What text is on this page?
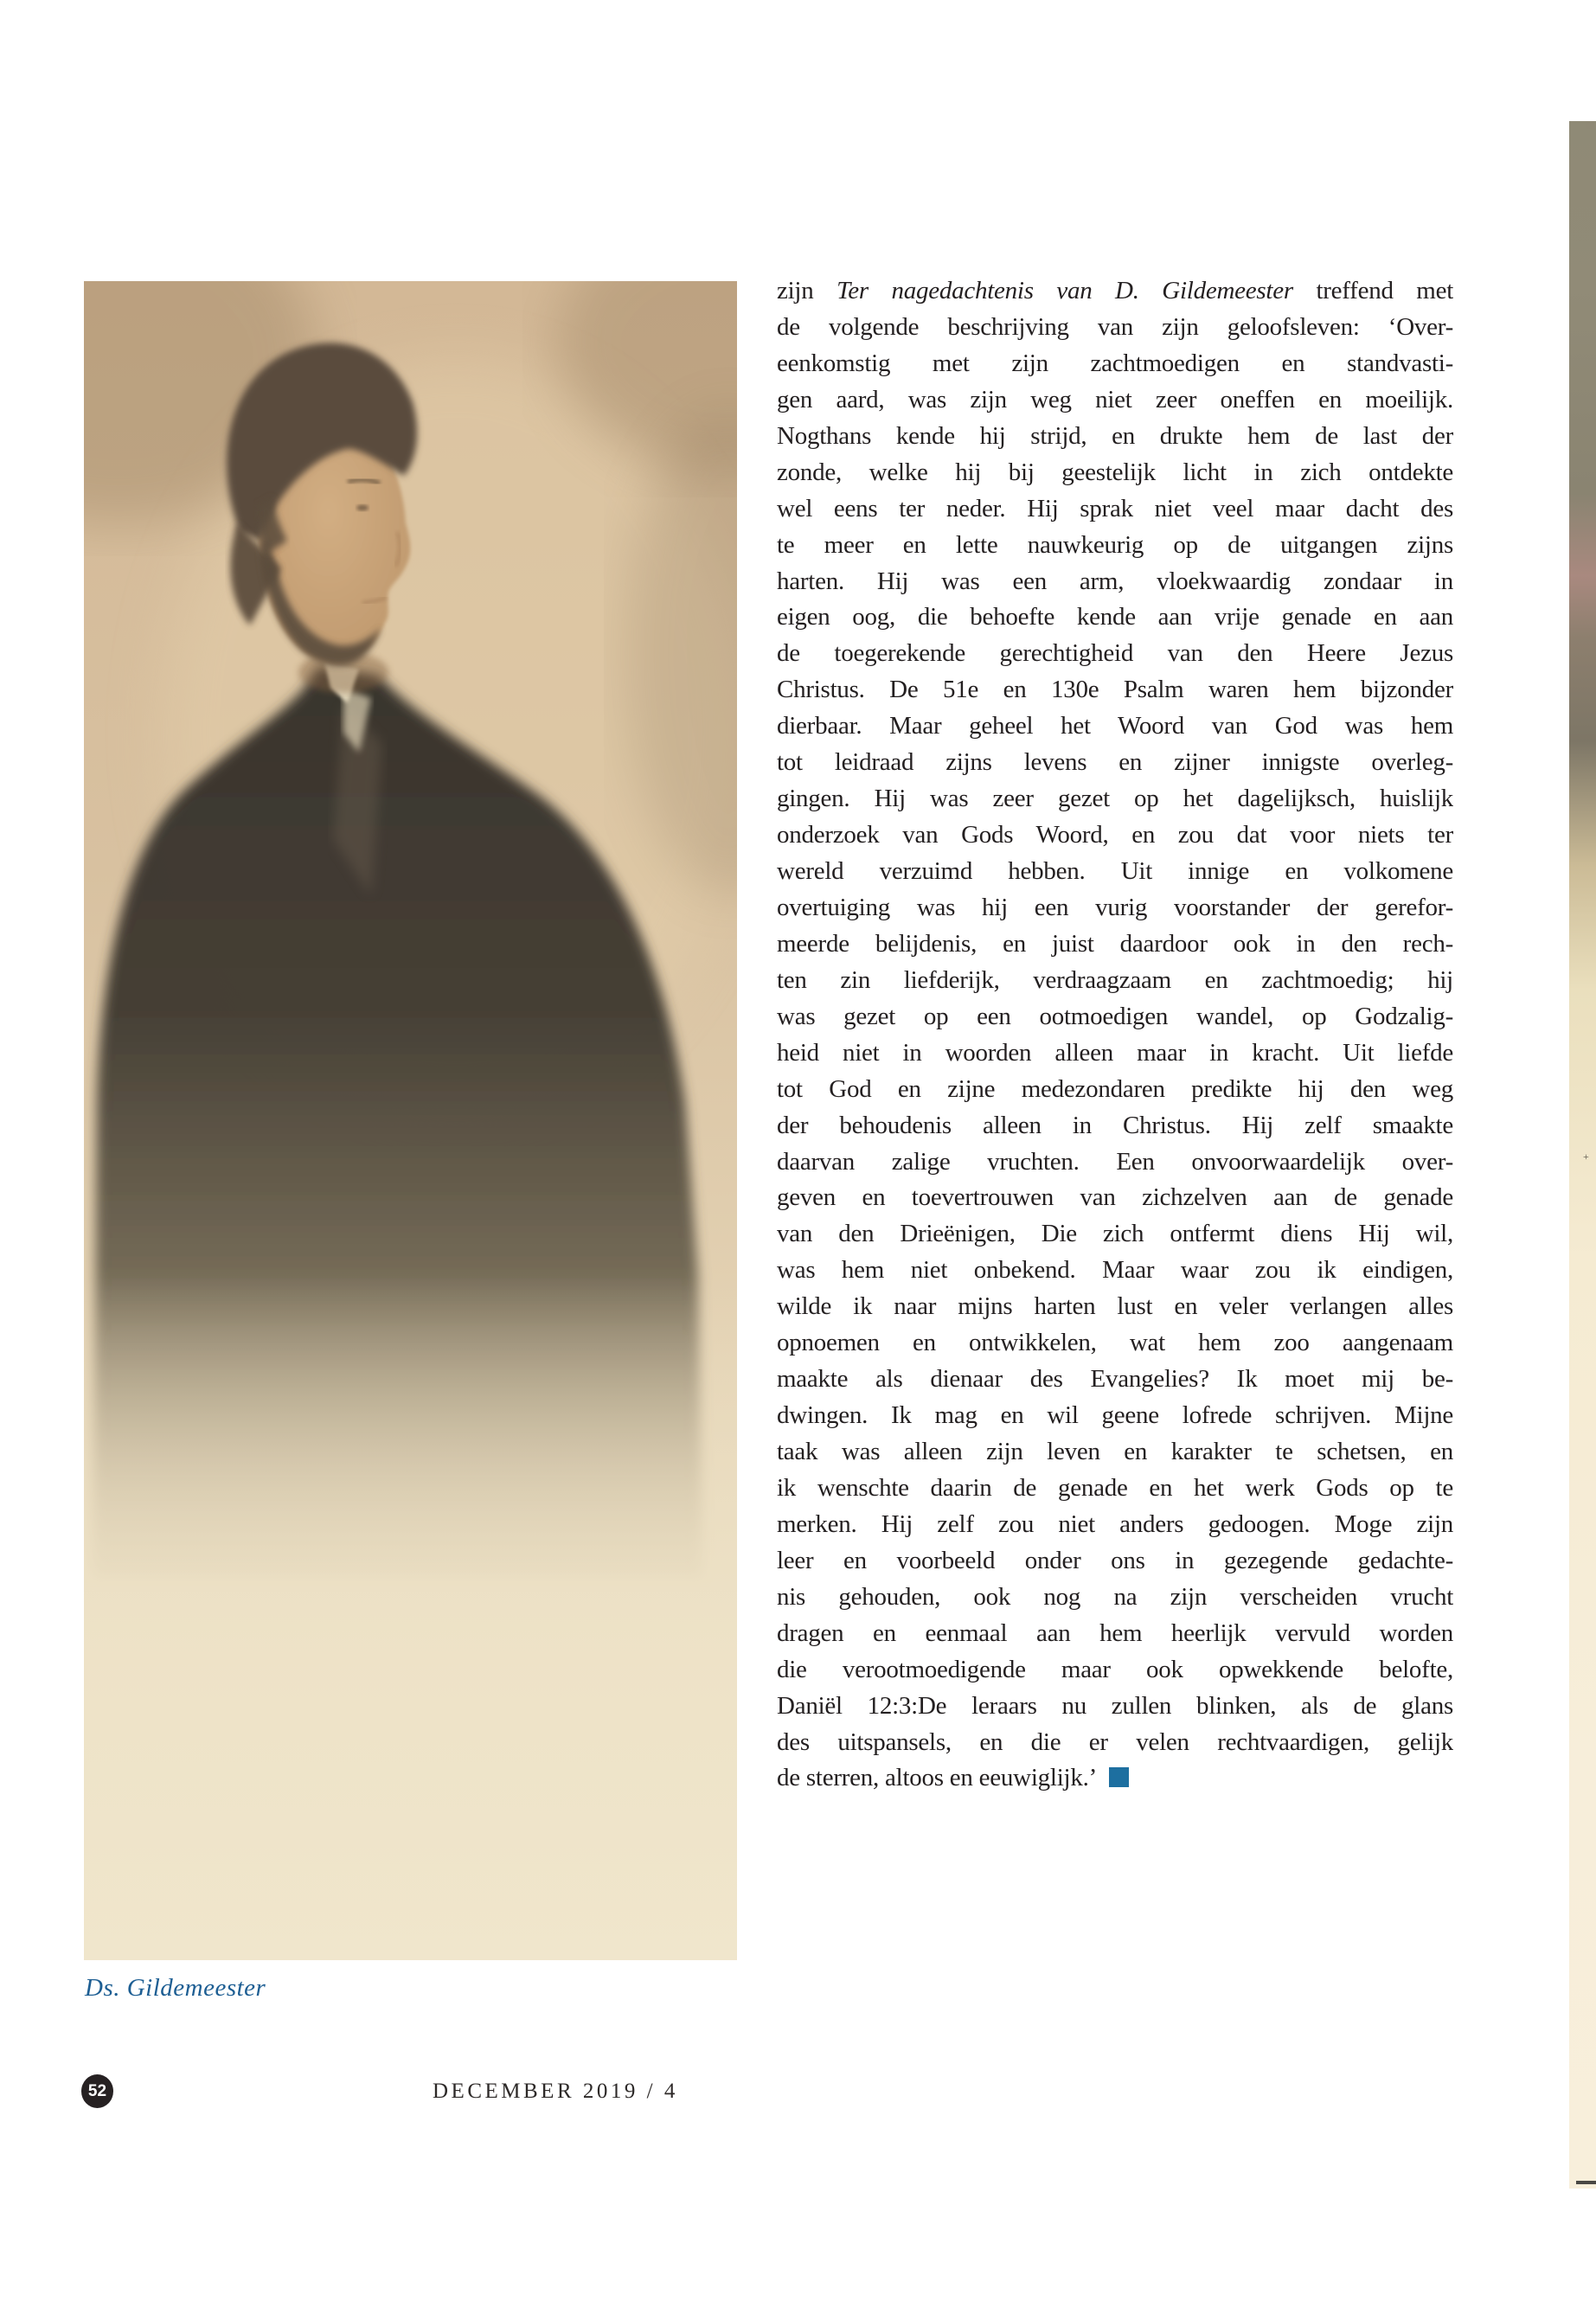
zijn Ter nagedachtenis van D. Gildemeester treffend met
de volgende beschrijving van zijn geloofsleven: ‘Over-
eenkomstig met zijn zachtmoedigen en standvasti-
gen aard, was zijn weg niet zeer oneffen en moeilijk.
Nogthans kende hij strijd, en drukte hem de last der
zonde, welke hij bij geestelijk licht in zich ontdekte
wel eens ter neder. Hij sprak niet veel maar dacht des
te meer en lette nauwkeurig op de uitgangen zijns
harten. Hij was een arm, vloekwaardig zondaar in
eigen oog, die behoefte kende aan vrije genade en aan
de toegerekende gerechtigheid van den Heere Jezus
Christus. De 51e en 130e Psalm waren hem bijzonder
dierbaar. Maar geheel het Woord van God was hem
tot leidraad zijns levens en zijner innigste overleg-
gingen. Hij was zeer gezet op het dagelijksch, huislijk
onderzoek van Gods Woord, en zou dat voor niets ter
wereld verzuimd hebben. Uit innige en volkomene
overtuiging was hij een vurig voorstander der gerefor-
meerde belijdenis, en juist daardoor ook in den rech-
ten zin liefderijk, verdraagzaam en zachtmoedig; hij
was gezet op een ootmoedigen wandel, op Godzalig-
heid niet in woorden alleen maar in kracht. Uit liefde
tot God en zijne medezondaren predikte hij den weg
der behoudenis alleen in Christus. Hij zelf smaakte
daarvan zalige vruchten. Een onvoorwaardelijk over-
geven en toevertrouwen van zichzelven aan de genade
van den Drieënigen, Die zich ontfermt diens Hij wil,
was hem niet onbekend. Maar waar zou ik eindigen,
wilde ik naar mijns harten lust en veler verlangen alles
opnoemen en ontwikkelen, wat hem zoo aangenaam
maakte als dienaar des Evangelies? Ik moet mij be-
dwingen. Ik mag en wil geene lofrede schrijven. Mijne
taak was alleen zijn leven en karakter te schetsen, en
ik wenschte daarin de genade en het werk Gods op te
merken. Hij zelf zou niet anders gedoogen. Moge zijn
leer en voorbeeld onder ons in gezegende gedachte-
nis gehouden, ook nog na zijn verscheiden vrucht
dragen en eenmaal aan hem heerlijk vervuld worden
die verootmoedigende maar ook opwekkende belofte,
Daniël 12:3:De leraars nu zullen blinken, als de glans
des uitspansels, en die er velen rechtvaardigen, gelijk
de sterren, altoos en eeuwiglijk.’
Ds. Gildemeester
52	DECEMBER 2019 / 4
+
